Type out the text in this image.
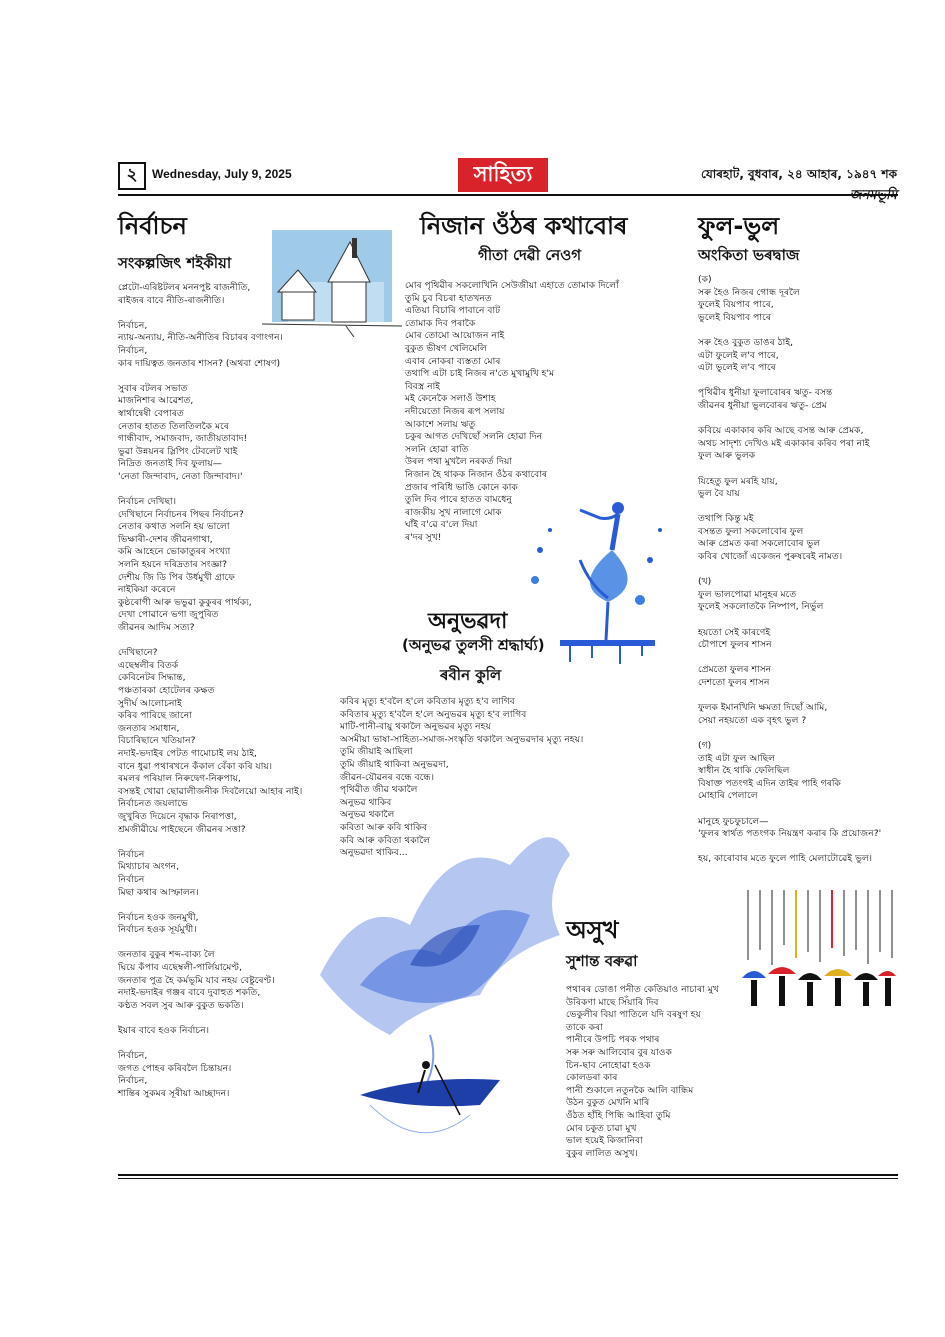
২	Wednesday, July 9, 2025	সাহিত্য	যোৰহাট, বুধবাৰ, ২৪ আহাৰ, ১৯৪৭ শক
নিৰ্বাচন
সংকল্পজিৎ শইকীয়া
প্লেটো-এৰিষ্টটলৰ মননপুষ্ট ৰাজনীতি,
ৰাইজৰ বাবে নীতি-ৰাজনীতি।

নিৰ্বাচন,
ন্যায়-অন্যায়, নীতি-অনীতিৰ বিচাৰৰ বণাংগন।
নিৰ্বাচন,
কাৰ দায়িত্বত জনতাৰ শাসন? (অথবা শোষণ)

সুবাৰ বটলৰ সভাত
মাজনিশাৰ আৱেশত,
স্বাৰ্থান্বেষী বেপাৰত
নেতাৰ হাতত তিলতিলকৈ মৰে
গান্ধীবাদ, সমাজবাদ, জাতীয়তাবাদ!
ভুৱা উন্নয়নৰ স্লিপিং টেবলেট খাই
নিদ্ৰিত জনতাই দিব ফুলায়—
'নেতা জিন্দাবাদ, নেতা জিন্দাবাদ।'

নিৰ্বাচন দেখিছা।
দেখিছানে নিৰ্বাচনৰ পিছৰ নিৰ্বাচন?
নেতাৰ কথাত সলনি হয় ভালো
ভিক্ষাৰী-দেশৰ জীৱনগাথা,
কমি আহেনে ভোকাতুৰৰ সংখ্যা
সলনি হয়নে দৰিদ্ৰতাৰ সংজ্ঞা?
দেশীয় জি ডি পিৰ উৰ্ধমুখী গ্ৰাফে
নাইকিয়া কৰেনে
কুষ্ঠৰোগী আৰু ভভুৱা কুকুৰৰ পাৰ্থক্য,
দেখা পোৱানে ভগা জুপুৰিত
জীৱনৰ আদিম সত্য?

দেখিছানে?
এছেম্বলীৰ বিতৰ্ক
কেবিনেটৰ সিদ্ধান্ত,
পঞ্চতাৰকা হোটেলৰ কক্ষত
সুদীৰ্ঘ আলোচনাই
কৰিব পাৰিছে জানো
জনতাৰ সমাধান,
বিচাৰিছানে খতিয়ান?
নদাই-ভদাইৰ পেটত গামোচাই লয় ঠাই,
বানে ধুৱা পথাৰখনে কঁকাল বেঁকা কৰি যায়।
ৰমলৰ পৰিয়াল নিৰুদ্বেগ-নিৰুপায়,
বসন্তই খোৱা ছোৱালীজনীক দিবলৈয়ো আহাৰ নাই।
নিৰ্বাচনত জয়লাভে
জুখুৰিত দিয়েনে বৃদ্ধাক নিৰাপত্তা,
শ্ৰমজীৱীয়ে পাইছেনে জীৱনৰ সত্তা?

নিৰ্বাচন
মিথ্যাচাৰ অংগন,
নিৰ্বাচন
মিছা কথাৰ আস্ফালন।

নিৰ্বাচন হওক জনমুখী,
নিৰ্বাচন হওক সূৰ্যমুখী।

জনতাৰ বুকুৰ শব্দ-বাক্য লৈ
ঘিয়ে কঁপাব এছেম্বলী-পাৰ্লিয়ামেণ্ট,
জনতাৰ পুত্ৰ হৈ কৰ্মভূমি যাব নহয় বেষ্টুৰেণ্ট।
নদাই-ভদাইৰ গঞ্জৰ বাবে দুবাহুত শকতি,
কণ্ঠত সবল সুৰ আৰু বুকুত ভকতি।

ইয়াৰ বাবে হওক নিৰ্বাচন।

নিৰ্বাচন,
জগত পোহৰ কৰিবলৈ চিন্তায়ন।
নিৰ্বাচন,
শান্তিৰ সুকমৰ সূৰীয়া আচ্ছাদন।
নিজান ওঁঠৰ কথাবোৰ
গীতা দেৱী নেওগ
মোৰ পৃথিৱীৰ সকলোখিনি সেউজীয়া এহাতে তোমাক দিলোঁ
তুমি চুব বিচৰা হাতখনত
এতিয়া বিচাৰি পাবানে বাট
তোমাক দিব পৰাকৈ
মোৰ তোমো আয়োজন নাই
বুকুত ভীষণ খেলিমেলি
এবাৰ নোকৰা ব্যস্ততা মোৰ
তথাপি এটা চাই নিজৰ ন'তে মুখামুখি হ'ম
বিবস্ত্ৰ নাই
মই কেনেকৈ সলাওঁ উশাহ
নদীয়েতো নিজৰ ৰূপ সলায়
আকাশে সলায় ঋতু
চকুৰ আগত দেখিছোঁ সলনি হোৱা দিন
সলনি হোৱা ৰাতি
উৰল পথা মুখলৈ নৰকৰ্ত দিয়া
নিজান হৈ থাকক নিজান ওঁঠৰ কথাবোৰ
প্ৰজাৰ পৰিধি ভাঙি কোনে কাক
তুলি দিব পাৰে হাতত বামধেনু
ৰাজকীয় সুখ নালাগে মোক
ঘাঁই ব'ৱে ব'লে দিয়া
ৰ'দৰ সুখ!
অনুভৱদা
(অনুভৱ তুলসী শ্ৰদ্ধাৰ্ঘ্য)
ৰবীন কুলি
কবিৰ মৃত্যু হ'বলৈ হ'লে কবিতাৰ মৃত্যু হ'ব লাগিব
কবিতাৰ মৃত্যু হ'বলৈ হ'লে অনুভৱৰ মৃত্যু হ'ব লাগিব
মাটি-পানী-বায়ু থকালৈ অনুভৱৰ মৃত্যু নহয়
অসমীয়া ভাষা-সাহিত্য-সমাজ-সংস্কৃতি থকালৈ অনুভৱদাৰ মৃত্যু নহয়।
তুমি জীয়াই আছিলা
তুমি জীয়াই থাকিবা অনুভৱদা,
জীৱন-যৌৱনৰ বন্ধে বন্ধে।
পৃথিৱীত জীৱ থকালৈ
অনুভৱ থাকিব
অনুভৱ থকালৈ
কবিতা আৰু কবি থাকিব
কবি আৰু কবিতা থকালৈ
অনুভৱদা থাকিব...
ফুল-ভুল
অংকিতা ভৰদ্বাজ
(ক)
সৰু হৈও নিজৰ গোন্ধ দূৰলৈ
ফুলেই বিয়পাব পাৰে,
ভুলেই বিয়পাব পাৰে

সৰু হৈও বুকুত ডাঙৰ ঠাই,
এটা ফুলেই ল'ব পাৰে,
এটা ভুলেই ল'ব পাৰে

পৃথিৱীৰ ধুনীয়া ফুলাবোৰৰ ঋতু- বসন্ত
জীৱনৰ ধুনীয়া ভুলবোৰৰ ঋতু- প্ৰেম

কবিয়ে একাকাৰ কৰি আছে বসন্ত আৰু প্ৰেমক,
অথচ সাদৃশ্য দেখিও মই একাকাৰ কৰিব পৰা নাই
ফুল আৰু ভুলক

যিহেতু ফুল মৰহি যায়,
ভুল বৈ যায়

তথাপি কিন্তু মই
বসন্তত ফুলা সকলোবোৰ ফুল
আৰু প্ৰেমত কৰা সকলোবোৰ ভুল
কবিৰ খোজোঁ একেজন পুৰুষৰেই নামত।

(খ)
ফুল ভালপোৱা মানুহৰ মতে
ফুলেই সকলোতকৈ নিষ্পাপ, নিৰ্ভুল

হয়তো সেই কাৰণেই
চৌপাশে ফুলৰ শাসন

প্ৰেমতো ফুলৰ শাসন
দেশতো ফুলৰ শাসন

ফুলক ইমানখিনি ক্ষমতা দিছোঁ আমি,
সেয়া নহয়তো এক বৃহৎ ভুল ?

(গ)
তাই এটা ফুল আছিল
স্বাধীন হৈ থাকি ফেলিছিল
বিষাক্ত পতংগই এদিন তাইৰ পাহি গৰকি
মোহাৰি পেলালে

মানুহে ফুচফুচালে—
'ফুলৰ স্বাৰ্থত পতংগক নিয়ন্ত্ৰণ কৰাৰ কি প্ৰয়োজন?'

হয়, কাৰোবাৰ মতে ফুলে পাহি মেলাটোৱেই ভুল।
অসুখ
সুশান্ত বৰুৱা
পথাৰৰ ডোঙা পনীত কেতিয়াও নাচাৰা মুখ
উৰিকণা মাছে সিঁয়াৰি দিব
ভেকুলীৰ বিয়া পাতিলে যদি বৰষুণ হয়
তাকে কৰা
পানীৰে উপচি পৰক পথাৰ
সৰু সৰু আলিবোৰ বুৰ যাওক
চিন-ছাব নোহোৱা হওক
কোলডৰা কাৰ
পানী শুকালে নতুনকৈ আলি বান্ধিম
উঠন বুকুত মেখনি মাৰি
ওঁঠত হাঁহি পিন্ধি আহিবা তুমি
মোৰ চকুত চাৱা মুখ
ভাল হয়েই কিজানিবা
বুকুৰ লালিত অসুখ।
